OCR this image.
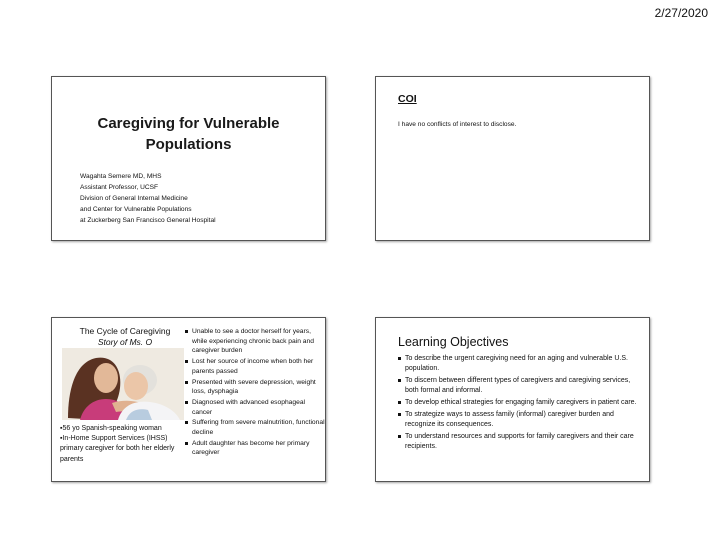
2/27/2020
Caregiving for Vulnerable Populations
Wagahta Semere MD, MHS
Assistant Professor, UCSF
Division of General Internal Medicine
and Center for Vulnerable Populations
at Zuckerberg San Francisco General Hospital
COI
I have no conflicts of interest to disclose.
The Cycle of Caregiving
Story of Ms. O
▪56 yo Spanish-speaking woman
▪In-Home Support Services (IHSS) primary caregiver for both her elderly parents
Unable to see a doctor herself for years, while experiencing chronic back pain and caregiver burden
Lost her source of income when both her parents passed
Presented with severe depression, weight loss, dysphagia
Diagnosed with advanced esophageal cancer
Suffering from severe malnutrition, functional decline
Adult daughter has become her primary caregiver
Learning Objectives
To describe the urgent caregiving need for an aging and vulnerable U.S. population.
To discern between different types of caregivers and caregiving services, both formal and informal.
To develop ethical strategies for engaging family caregivers in patient care.
To strategize ways to assess family (informal) caregiver burden and recognize its consequences.
To understand resources and supports for family caregivers and their care recipients.
